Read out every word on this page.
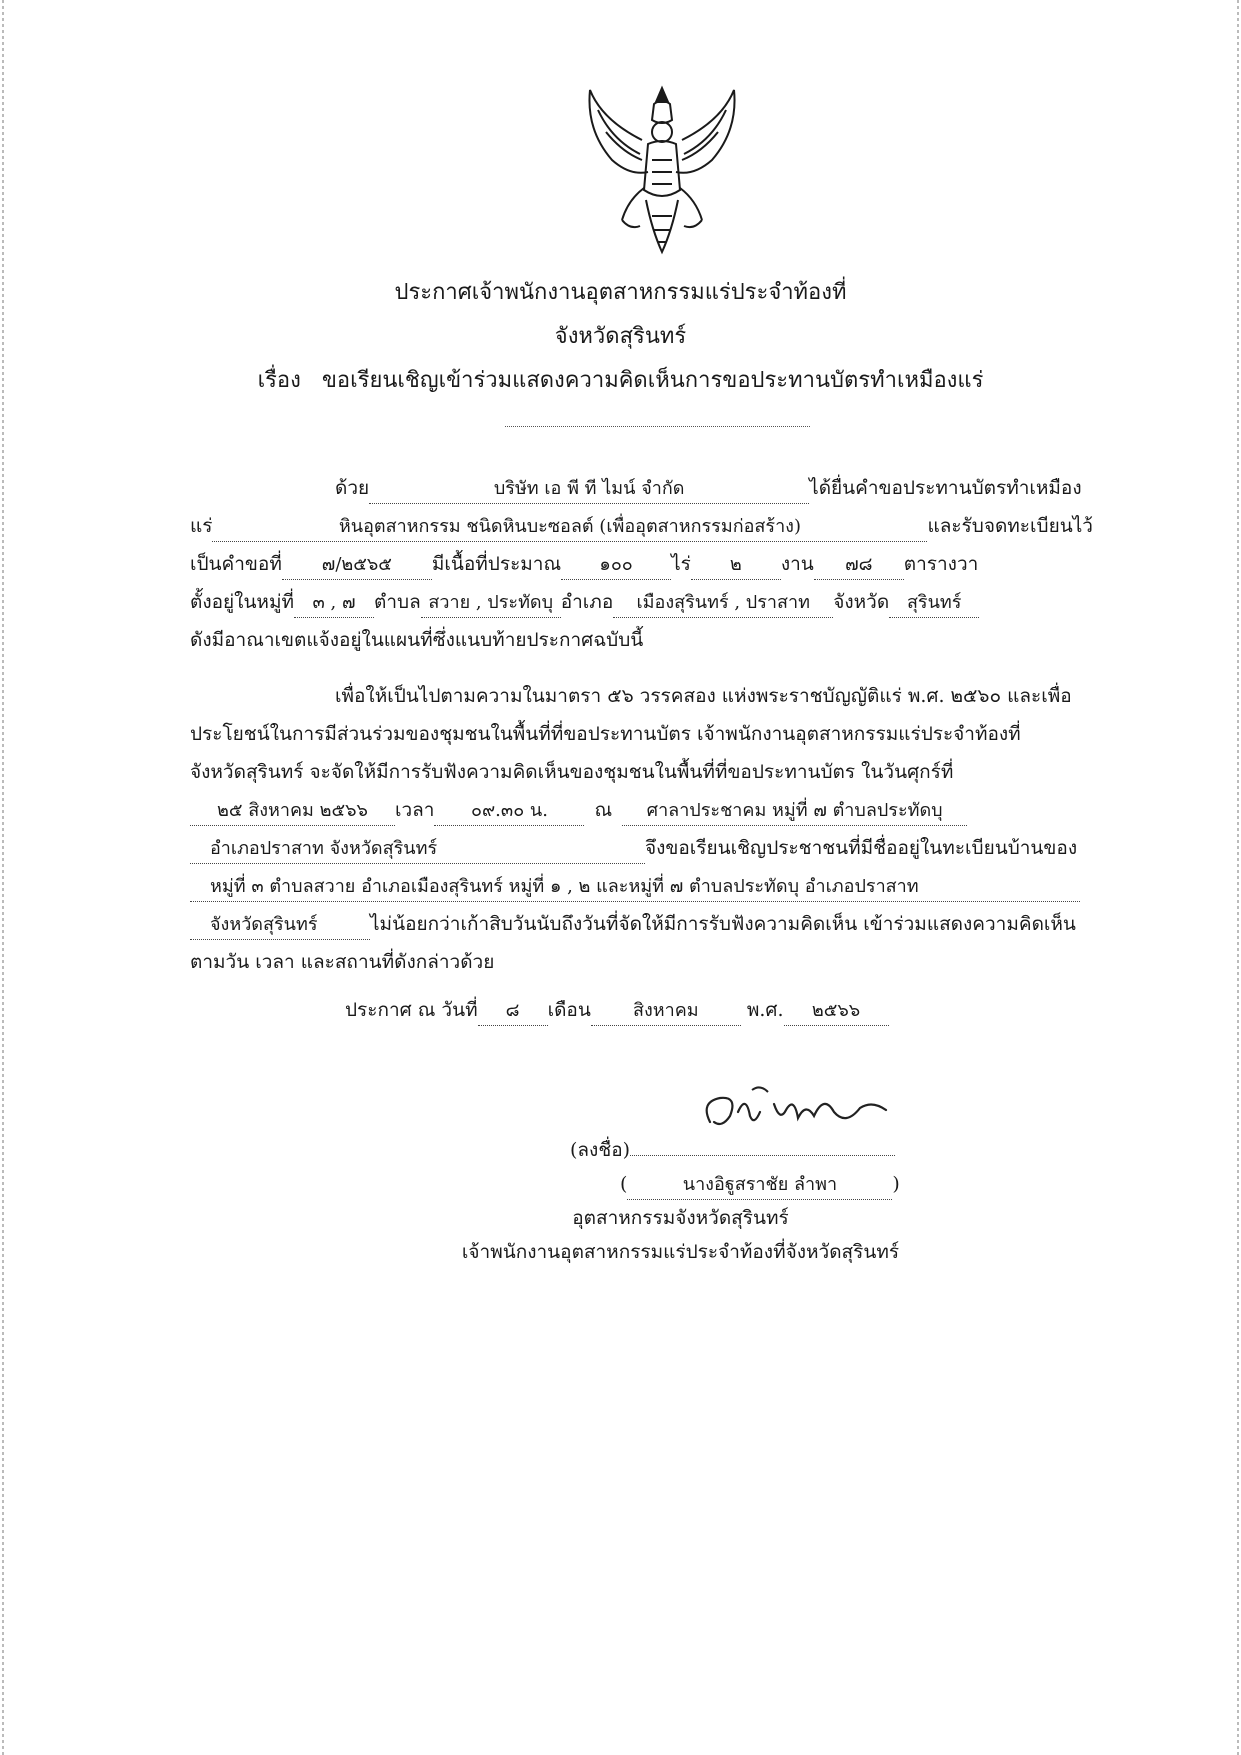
ประกาศเจ้าพนักงานอุตสาหกรรมแร่ประจำท้องที่
จังหวัดสุรินทร์
เรื่อง ขอเรียนเชิญเข้าร่วมแสดงความคิดเห็นการขอประทานบัตรทำเหมืองแร่
ด้วย	บริษัท เอ พี ที ไมน์ จำกัด	ได้ยื่นคำขอประทานบัตรทำเหมือง
แร่	หินอุตสาหกรรม ชนิดหินบะซอลต์ (เพื่ออุตสาหกรรมก่อสร้าง)	และรับจดทะเบียนไว้
เป็นคำขอที่ ๗/๒๕๖๕ มีเนื้อที่ประมาณ ๑๐๐ ไร่ ๒ งาน ๗๘ ตารางวา
ตั้งอยู่ในหมู่ที่ ๓ , ๗ ตำบล สวาย , ประทัดบุ อำเภอ เมืองสุรินทร์ , ปราสาท จังหวัด สุรินทร์
ดังมีอาณาเขตแจ้งอยู่ในแผนที่ซึ่งแนบท้ายประกาศฉบับนี้
เพื่อให้เป็นไปตามความในมาตรา ๕๖ วรรคสอง แห่งพระราชบัญญัติแร่ พ.ศ. ๒๕๖๐ และเพื่อ
ประโยชน์ในการมีส่วนร่วมของชุมชนในพื้นที่ที่ขอประทานบัตร เจ้าพนักงานอุตสาหกรรมแร่ประจำท้องที่
จังหวัดสุรินทร์ จะจัดให้มีการรับฟังความคิดเห็นของชุมชนในพื้นที่ที่ขอประทานบัตร ในวันศุกร์ที่
๒๕ สิงหาคม ๒๕๖๖ เวลา ๐๙.๓๐ น. ณ ศาลาประชาคม หมู่ที่ ๗ ตำบลประทัดบุ
อำเภอปราสาท จังหวัดสุรินทร์	จึงขอเรียนเชิญประชาชนที่มีชื่ออยู่ในทะเบียนบ้านของ
หมู่ที่ ๓ ตำบลสวาย อำเภอเมืองสุรินทร์ หมู่ที่ ๑ , ๒ และหมู่ที่ ๗ ตำบลประทัดบุ อำเภอปราสาท
จังหวัดสุรินทร์	ไม่น้อยกว่าเก้าสิบวันนับถึงวันที่จัดให้มีการรับฟังความคิดเห็น เข้าร่วมแสดงความคิดเห็น
ตามวัน เวลา และสถานที่ดังกล่าวด้วย
ประกาศ ณ วันที่ ๘ เดือน สิงหาคม	พ.ศ. ๒๕๖๖
(ลงชื่อ)
(	นางอิฐูสราชัย ลำพา	)
อุตสาหกรรมจังหวัดสุรินทร์
เจ้าพนักงานอุตสาหกรรมแร่ประจำท้องที่จังหวัดสุรินทร์
